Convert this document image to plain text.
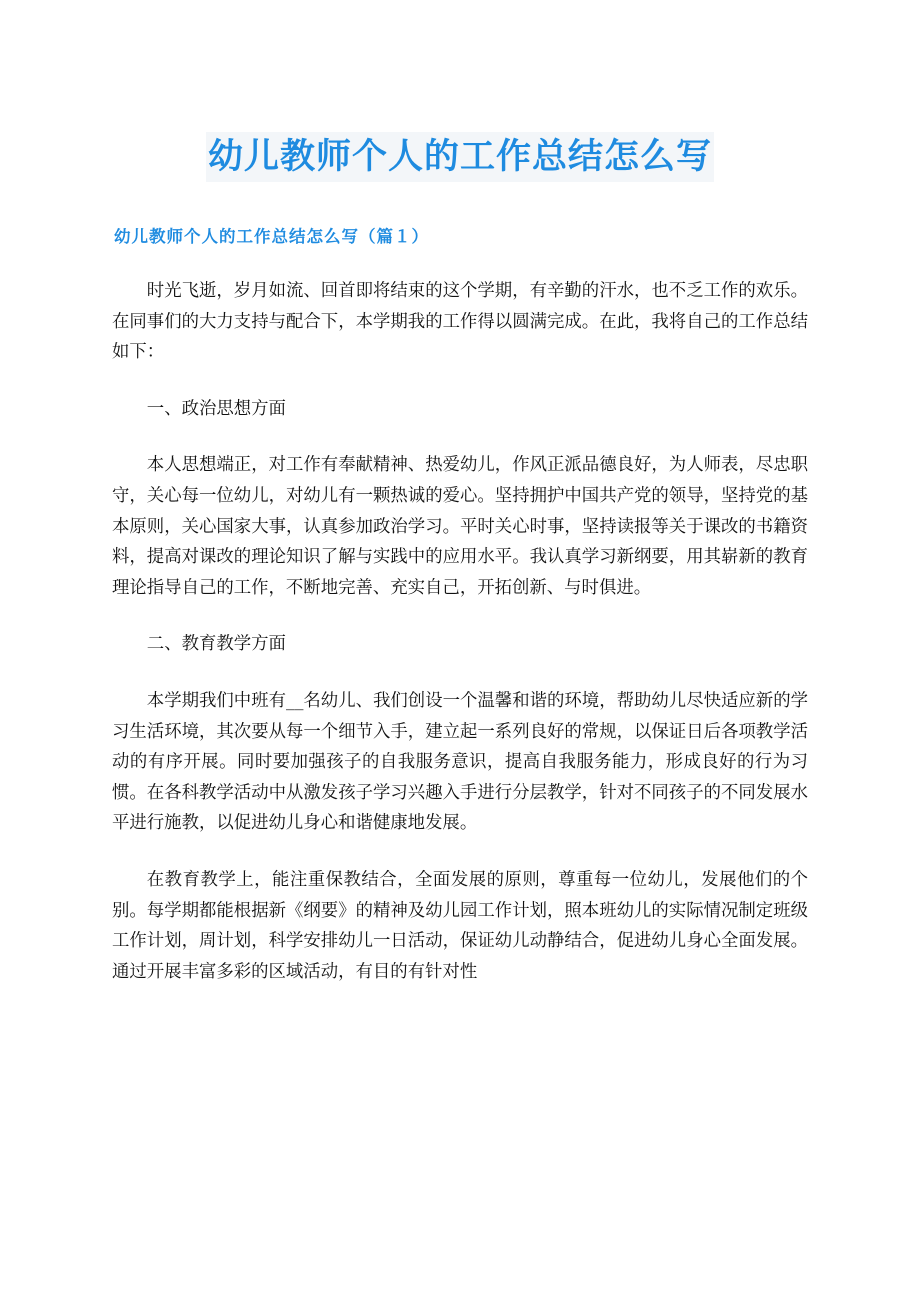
幼儿教师个人的工作总结怎么写
幼儿教师个人的工作总结怎么写（篇１）

时光飞逝，岁月如流、回首即将结束的这个学期，有辛勤的汗水，也不乏工作的欢乐。在同事们的大力支持与配合下，本学期我的工作得以圆满完成。在此，我将自己的工作总结如下：

一、政治思想方面

本人思想端正，对工作有奉献精神、热爱幼儿，作风正派品德良好，为人师表，尽忠职守，关心每一位幼儿，对幼儿有一颗热诚的爱心。坚持拥护中国共产党的领导，坚持党的基本原则，关心国家大事，认真参加政治学习。平时关心时事，坚持读报等关于课改的书籍资料，提高对课改的理论知识了解与实践中的应用水平。我认真学习新纲要，用其崭新的教育理论指导自己的工作，不断地完善、充实自己，开拓创新、与时俱进。

二、教育教学方面

本学期我们中班有__名幼儿、我们创设一个温馨和谐的环境，帮助幼儿尽快适应新的学习生活环境，其次要从每一个细节入手，建立起一系列良好的常规，以保证日后各项教学活动的有序开展。同时要加强孩子的自我服务意识，提高自我服务能力，形成良好的行为习惯。在各科教学活动中从激发孩子学习兴趣入手进行分层教学，针对不同孩子的不同发展水平进行施教，以促进幼儿身心和谐健康地发展。

在教育教学上，能注重保教结合，全面发展的原则，尊重每一位幼儿，发展他们的个别。每学期都能根据新《纲要》的精神及幼儿园工作计划，照本班幼儿的实际情况制定班级工作计划，周计划，科学安排幼儿一日活动，保证幼儿动静结合，促进幼儿身心全面发展。通过开展丰富多彩的区域活动，有目的有针对性
